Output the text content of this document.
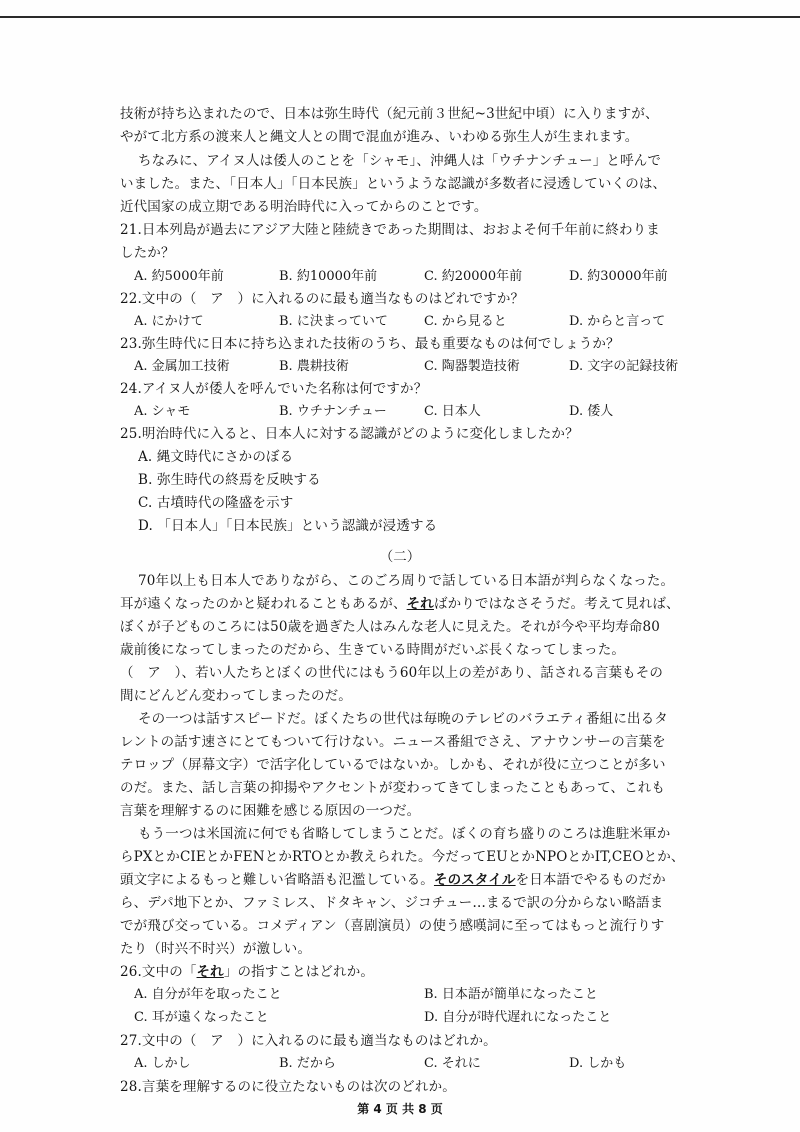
技術が持ち込まれたので、日本は弥生時代（紀元前３世紀~3世紀中頃）に入りますが、
やがて北方系の渡来人と縄文人との間で混血が進み、いわゆる弥生人が生まれます。
ちなみに、アイヌ人は倭人のことを「シャモ」、沖縄人は「ウチナンチュー」と呼んで
いました。また、「日本人」「日本民族」というような認識が多数者に浸透していくのは、
近代国家の成立期である明治時代に入ってからのことです。
21.日本列島が過去にアジア大陸と陸続きであった期間は、おおよそ何千年前に終わりま
したか？
A. 約5000年前	B. 約10000年前	C. 約20000年前	D. 約30000年前
22.文中の（　ア　）に入れるのに最も適当なものはどれですか？
A. にかけて	B. に決まっていて	C. から見ると	D. からと言って
23.弥生時代に日本に持ち込まれた技術のうち、最も重要なものは何でしょうか？
A. 金属加工技術	B. 農耕技術	C. 陶器製造技術	D. 文字の記録技術
24.アイヌ人が倭人を呼んでいた名称は何ですか？
A. シャモ	B. ウチナンチュー	C. 日本人	D. 倭人
25.明治時代に入ると、日本人に対する認識がどのように変化しましたか？
A. 縄文時代にさかのぼる
B. 弥生時代の終焉を反映する
C. 古墳時代の隆盛を示す
D. 「日本人」「日本民族」という認識が浸透する
（二）
70年以上も日本人でありながら、このごろ周りで話している日本語が判らなくなった。
耳が遠くなったのかと疑われることもあるが、そればかりではなさそうだ。考えて見れば、
ぼくが子どものころには50歳を過ぎた人はみんな老人に見えた。それが今や平均寿命80
歳前後になってしまったのだから、生きている時間がだいぶ長くなってしまった。
（　ア　）、若い人たちとぼくの世代にはもう60年以上の差があり、話される言葉もその
間にどんどん変わってしまったのだ。
その一つは話すスピードだ。ぼくたちの世代は毎晩のテレビのバラエティ番組に出るタ
レントの話す速さにとてもついて行けない。ニュース番組でさえ、アナウンサーの言葉を
テロップ（屏幕文字）で活字化しているではないか。しかも、それが役に立つことが多い
のだ。また、話し言葉の抑揚やアクセントが変わってきてしまったこともあって、これも
言葉を理解するのに困難を感じる原因の一つだ。
もう一つは米国流に何でも省略してしまうことだ。ぼくの育ち盛りのころは進駐米軍か
らPXとかCIEとかFENとかRTOとか教えられた。今だってEUとかNPOとかIT,CEOとか、
頭文字によるもっと難しい省略語も氾濫している。そのスタイルを日本語でやるものだか
ら、デパ地下とか、ファミレス、ドタキャン、ジコチュー…まるで訳の分からない略語ま
でが飛び交っている。コメディアン（喜剧演员）の使う感嘆詞に至ってはもっと流行りす
たり（时兴不时兴）が激しい。
26.文中の「それ」の指すことはどれか。
A. 自分が年を取ったこと	B. 日本語が簡単になったこと
C. 耳が遠くなったこと	D. 自分が時代遅れになったこと
27.文中の（　ア　）に入れるのに最も適当なものはどれか。
A. しかし	B. だから	C. それに	D. しかも
28.言葉を理解するのに役立たないものは次のどれか。
第 4 页 共 8 页
